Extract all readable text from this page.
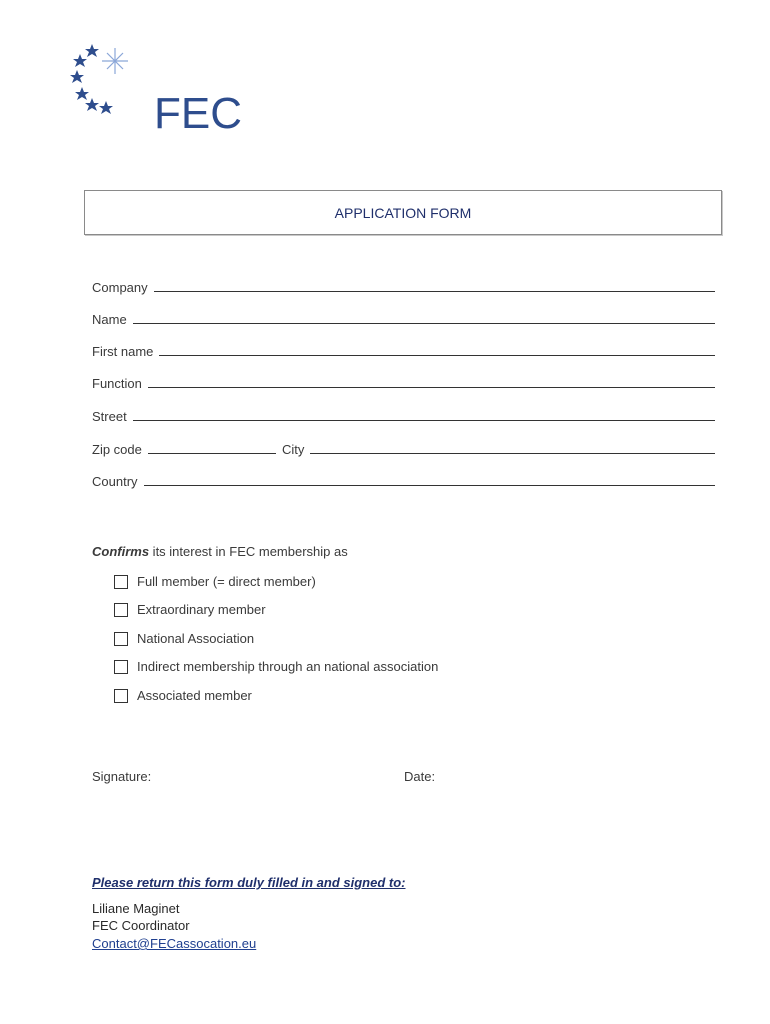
FEC
APPLICATION FORM
Company
Name
First name
Function
Street
Zip code	City
Country
Confirms its interest in FEC membership as
Full member (= direct member)
Extraordinary member
National Association
Indirect membership through an national association
Associated member
Signature:	Date:
Please return this form duly filled in and signed to:
Liliane Maginet
FEC Coordinator
Contact@FECassocation.eu
